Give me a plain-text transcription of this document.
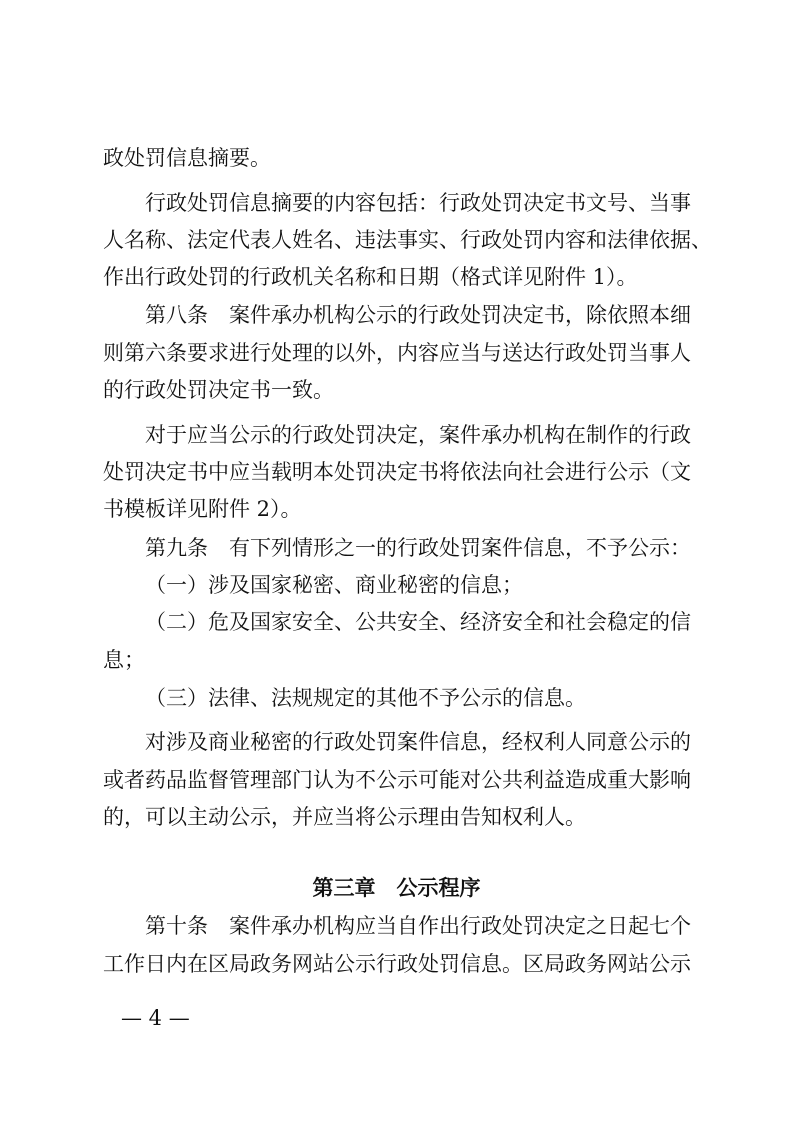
政处罚信息摘要。
行政处罚信息摘要的内容包括：行政处罚决定书文号、当事
人名称、法定代表人姓名、违法事实、行政处罚内容和法律依据、
作出行政处罚的行政机关名称和日期（格式详见附件 1）。
第八条　案件承办机构公示的行政处罚决定书，除依照本细
则第六条要求进行处理的以外，内容应当与送达行政处罚当事人
的行政处罚决定书一致。
对于应当公示的行政处罚决定，案件承办机构在制作的行政
处罚决定书中应当载明本处罚决定书将依法向社会进行公示（文
书模板详见附件 2）。
第九条　有下列情形之一的行政处罚案件信息，不予公示：
（一）涉及国家秘密、商业秘密的信息；
（二）危及国家安全、公共安全、经济安全和社会稳定的信
息；
（三）法律、法规规定的其他不予公示的信息。
对涉及商业秘密的行政处罚案件信息，经权利人同意公示的
或者药品监督管理部门认为不公示可能对公共利益造成重大影响
的，可以主动公示，并应当将公示理由告知权利人。
第三章　公示程序
第十条　案件承办机构应当自作出行政处罚决定之日起七个
工作日内在区局政务网站公示行政处罚信息。区局政务网站公示
— 4 —
